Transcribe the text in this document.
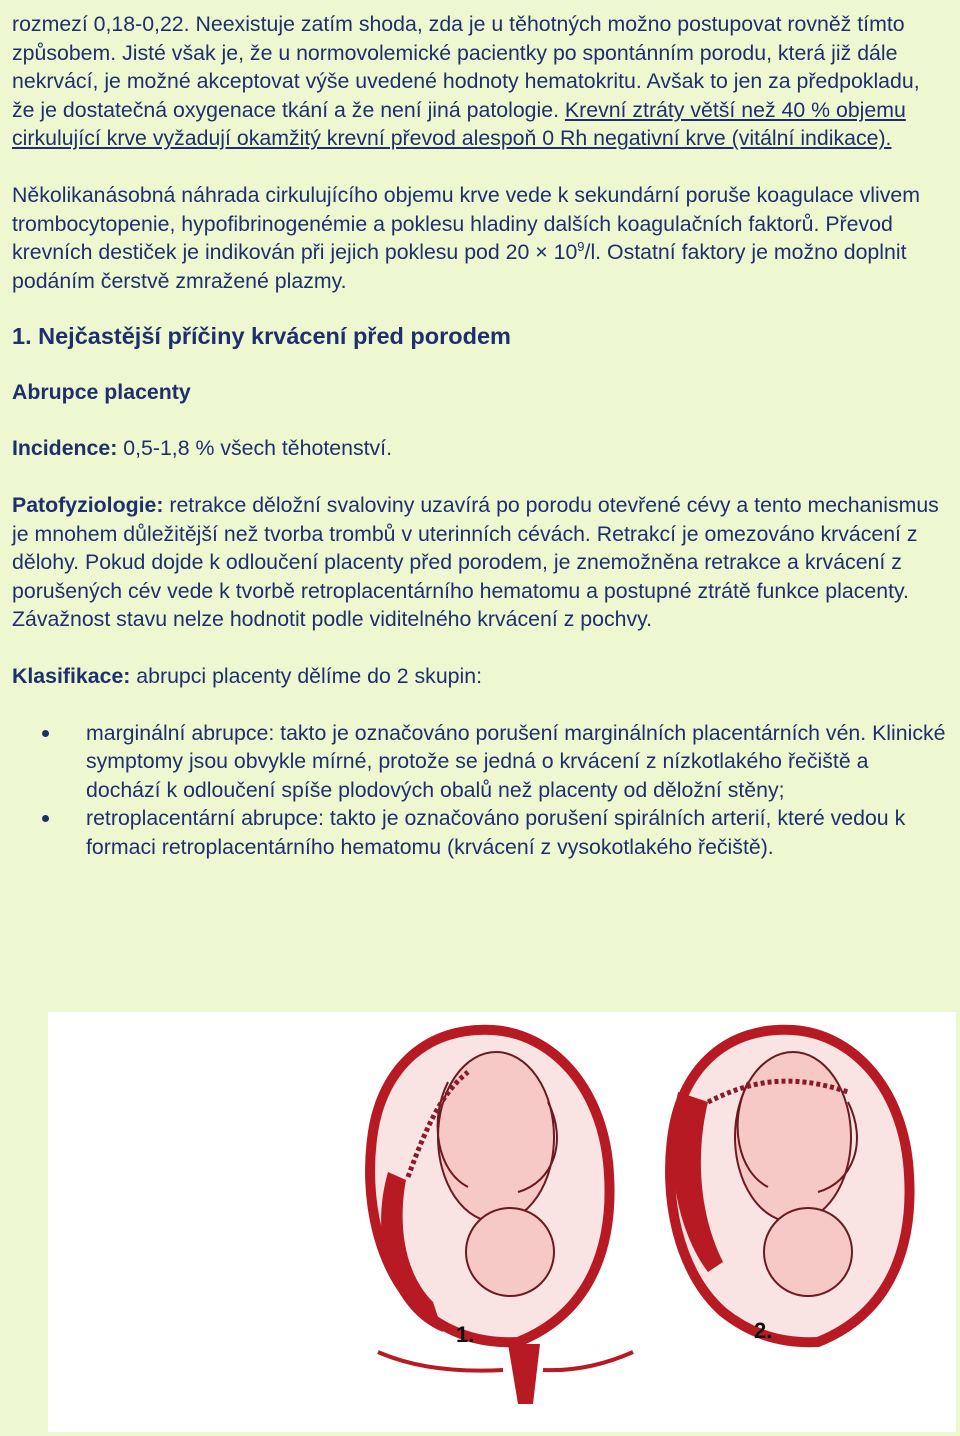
rozmezí 0,18-0,22. Neexistuje zatím shoda, zda je u těhotných možno postupovat rovněž tímto způsobem. Jisté však je, že u normovolemické pacientky po spontánním porodu, která již dále nekrvácí, je možné akceptovat výše uvedené hodnoty hematokritu. Avšak to jen za předpokladu, že je dostatečná oxygenace tkání a že není jiná patologie. Krevní ztráty větší než 40 % objemu cirkulující krve vyžadují okamžitý krevní převod alespoň 0 Rh negativní krve (vitální indikace).

Několikanásobná náhrada cirkulujícího objemu krve vede k sekundární poruše koagulace vlivem trombocytopenie, hypofibrinogenémie a poklesu hladiny dalších koagulačních faktorů. Převod krevních destiček je indikován při jejich poklesu pod $20 \times 10^9/l$. Ostatní faktory je možno doplnit podáním čerstvě zmražené plazmy.

1. Nejčastější příčiny krvácení před porodem
Abrupce placenty

Incidence: 0,5-1,8 % všech těhotenství.

Patofyziologie: retrakce děložní svaloviny uzavírá po porodu otevřené cévy a tento mechanismus je mnohem důležitější než tvorba trombů v uterinních cévách. Retrakcí je omezováno krvácení z dělohy. Pokud dojde k odloučení placenty před porodem, je znemožněna retrakce a krvácení z porušených cév vede k tvorbě retroplacentárního hematomu a postupné ztrátě funkce placenty. Závažnost stavu nelze hodnotit podle viditelného krvácení z pochvy.

Klasifikace: abrupci placenty dělíme do 2 skupin:

marginální abrupce: takto je označováno porušení marginálních placentárních vén. Klinické symptomy jsou obvykle mírné, protože se jedná o krvácení z nízkotlakého řečiště a dochází k odloučení spíše plodových obalů než placenty od děložní stěny;
retroplacentární abrupce: takto je označováno porušení spirálních arterií, které vedou k formaci retroplacentárního hematomu (krvácení z vysokotlakého řečiště).
1.	2.
